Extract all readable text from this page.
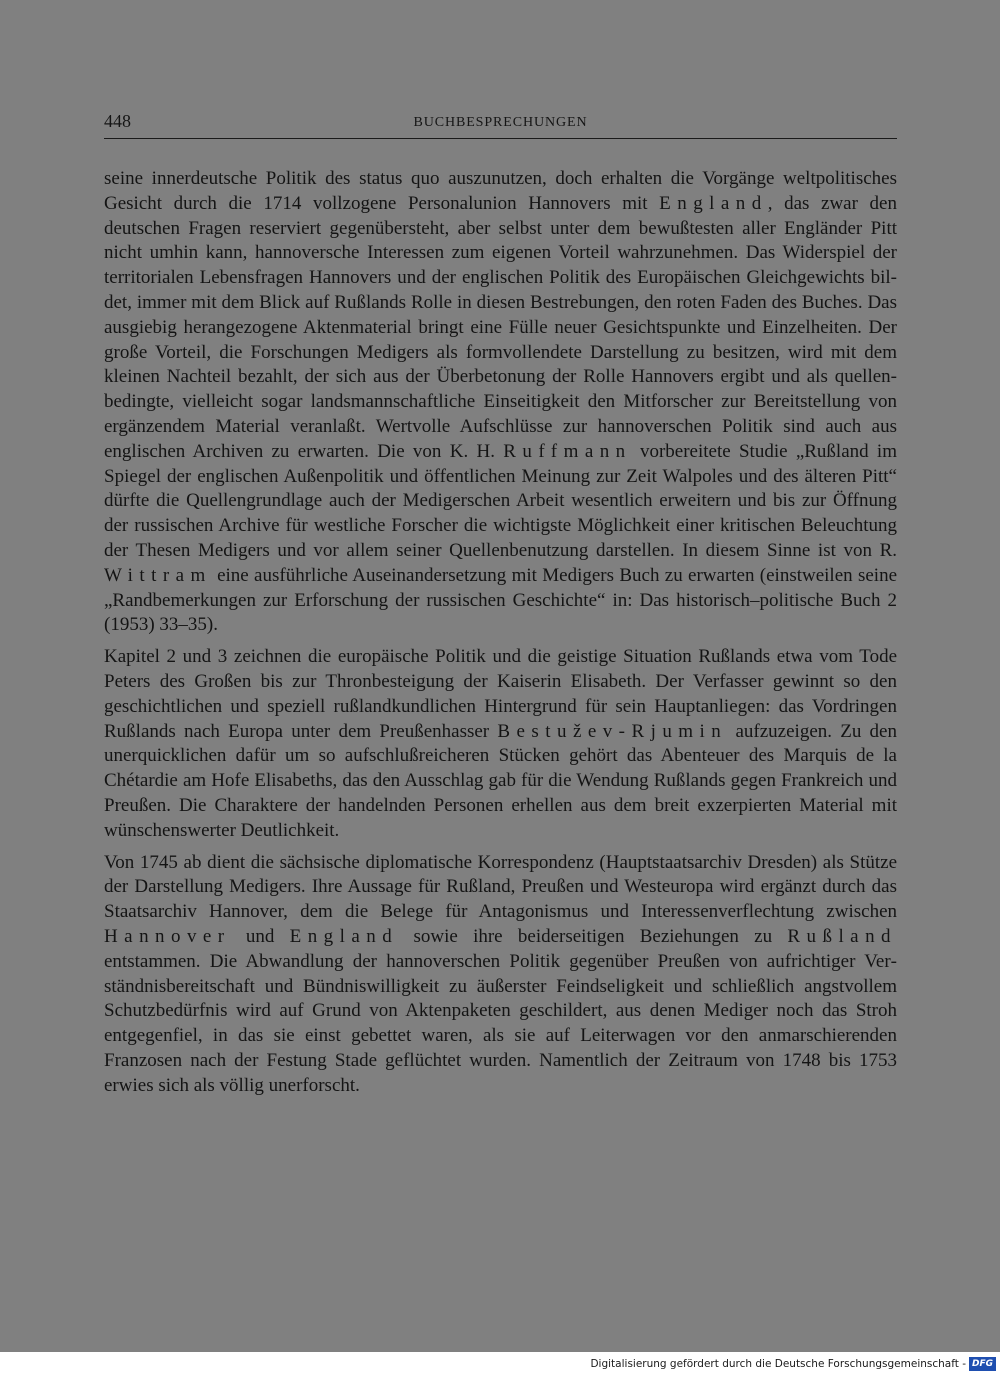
448	BUCHBESPRECHUNGEN

seine innerdeutsche Politik des status quo auszunutzen, doch erhalten die Vorgänge weltpolitisches Gesicht durch die 1714 vollzogene Personalunion Hannovers mit England, das zwar den deutschen Fragen reserviert gegenübersteht, aber selbst unter dem bewußtesten aller Engländer Pitt nicht umhin kann, hannoversche Interessen zum eigenen Vorteil wahrzunehmen. Das Widerspiel der territorialen Lebensfragen Hannovers und der englischen Politik des Europäischen Gleichgewichts bildet, immer mit dem Blick auf Rußlands Rolle in diesen Bestrebungen, den roten Faden des Buches. Das ausgiebig herangezogene Aktenmaterial bringt eine Fülle neuer Gesichtspunkte und Einzelheiten. Der große Vorteil, die Forschungen Medigers als formvollendete Darstellung zu besitzen, wird mit dem kleinen Nachteil bezahlt, der sich aus der Überbetonung der Rolle Hannovers ergibt und als quellenbedingte, vielleicht sogar landsmannschaftliche Einseitigkeit den Mitforscher zur Bereitstellung von ergänzendem Material veranlaßt. Wertvolle Aufschlüsse zur hannoverschen Politik sind auch aus englischen Archiven zu erwarten. Die von K. H. Ruffmann vorbereitete Studie „Rußland im Spiegel der englischen Außenpolitik und öffentlichen Meinung zur Zeit Walpoles und des älteren Pitt“ dürfte die Quellengrundlage auch der Medigerschen Arbeit wesentlich erweitern und bis zur Öffnung der russischen Archive für westliche Forscher die wichtigste Möglichkeit einer kritischen Beleuchtung der Thesen Medigers und vor allem seiner Quellenbenutzung darstellen. In diesem Sinne ist von R. Wittram eine ausführliche Auseinandersetzung mit Medigers Buch zu erwarten (einstweilen seine „Randbemerkungen zur Erforschung der russischen Geschichte“ in: Das historisch–politische Buch 2 (1953) 33–35).

Kapitel 2 und 3 zeichnen die europäische Politik und die geistige Situation Rußlands etwa vom Tode Peters des Großen bis zur Thronbesteigung der Kaiserin Elisabeth. Der Verfasser gewinnt so den geschichtlichen und speziell rußlandkundlichen Hintergrund für sein Hauptanliegen: das Vordringen Rußlands nach Europa unter dem Preußenhasser Bestužev-Rjumin aufzuzeigen. Zu den unerquicklichen dafür um so aufschlußreicheren Stücken gehört das Abenteuer des Marquis de la Chétardie am Hofe Elisabeths, das den Ausschlag gab für die Wendung Rußlands gegen Frankreich und Preußen. Die Charaktere der handelnden Personen erhellen aus dem breit exzerpierten Material mit wünschenswerter Deutlichkeit.

Von 1745 ab dient die sächsische diplomatische Korrespondenz (Hauptstaatsarchiv Dresden) als Stütze der Darstellung Medigers. Ihre Aussage für Rußland, Preußen und Westeuropa wird ergänzt durch das Staatsarchiv Hannover, dem die Belege für Antagonismus und Interessenverflechtung zwischen Hannover und England sowie ihre beiderseitigen Beziehungen zu Rußland entstammen. Die Abwandlung der hannoverschen Politik gegenüber Preußen von aufrichtiger Verständnisbereitschaft und Bündniswilligkeit zu äußerster Feindseligkeit und schließlich angstvollem Schutzbedürfnis wird auf Grund von Aktenpaketen geschildert, aus denen Mediger noch das Stroh entgegenfiel, in das sie einst gebettet waren, als sie auf Leiterwagen vor den anmarschierenden Franzosen nach der Festung Stade geflüchtet wurden. Namentlich der Zeitraum von 1748 bis 1753 erwies sich als völlig unerforscht.

Digitalisierung gefördert durch die Deutsche Forschungsgemeinschaft - DFG
